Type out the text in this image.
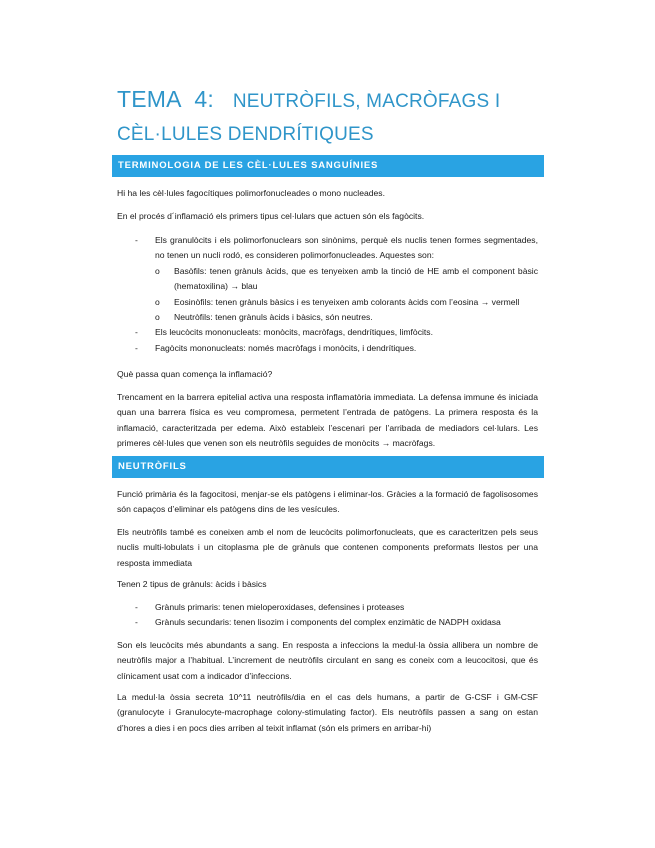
TEMA 4: NEUTRÒFILS, MACRÒFAGS I
CÈL·LULES DENDRÍTIQUES
TERMINOLOGIA DE LES CÈL·LULES SANGUÍNIES

Hi ha les cèl·lules fagocítiques polimorfonucleades o mono nucleades.

En el procés d´inflamació els primers tipus cel·lulars que actuen són els fagòcits.

- Els granulòcits i els polimorfonuclears son sinònims, perquè els nuclis tenen formes segmentades, no tenen un nucli rodó, es consideren polimorfonucleades. Aquestes son:
o Basòfils: tenen grànuls àcids, que es tenyeixen amb la tinció de HE amb el component bàsic (hematoxilina) → blau
o Eosinòfils: tenen grànuls bàsics i es tenyeixen amb colorants àcids com l’eosina → vermell
o Neutròfils: tenen grànuls àcids i bàsics, són neutres.
- Els leucòcits mononucleats: monòcits, macròfags, dendrítiques, limfòcits.
- Fagòcits mononucleats: només macròfags i monòcits, i dendrítiques.

Què passa quan comença la inflamació?

Trencament en la barrera epitelial activa una resposta inflamatòria immediata. La defensa immune és iniciada quan una barrera física es veu compromesa, permetent l’entrada de patògens. La primera resposta és la inflamació, caracteritzada per edema. Això estableix l’escenari per l’arribada de mediadors cel·lulars. Les primeres cèl·lules que venen son els neutròfils seguides de monòcits → macròfags.

NEUTRÒFILS

Funció primària és la fagocitosi, menjar-se els patògens i eliminar-los. Gràcies a la formació de fagolisosomes són capaços d’eliminar els patògens dins de les vesícules.

Els neutròfils també es coneixen amb el nom de leucòcits polimorfonucleats, que es caracteritzen pels seus nuclis multi-lobulats i un citoplasma ple de grànuls que contenen components preformats llestos per una resposta immediata

Tenen 2 tipus de grànuls: àcids i bàsics

- Grànuls primaris: tenen mieloperoxidases, defensines i proteases
- Grànuls secundaris: tenen lisozim i components del complex enzimàtic de NADPH oxidasa

Son els leucòcits més abundants a sang. En resposta a infeccions la medul·la òssia allibera un nombre de neutròfils major a l’habitual. L’increment de neutròfils circulant en sang es coneix com a leucocitosi, que és clínicament usat com a indicador d’infeccions.

La medul·la òssia secreta 10^11 neutròfils/dia en el cas dels humans, a partir de G-CSF i GM-CSF (granulocyte i Granulocyte-macrophage colony-stimulating factor). Els neutròfils passen a sang on estan d’hores a dies i en pocs dies arriben al teixit inflamat (són els primers en arribar-hi)
